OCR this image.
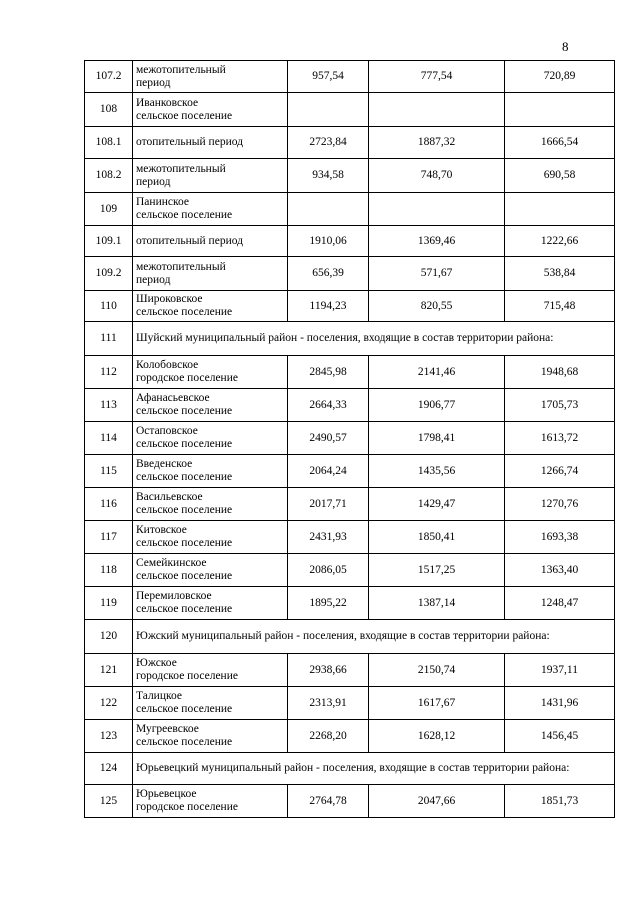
8
107.2	межотопительный
период	957,54	777,54	720,89
108	Иванковское
сельское поселение			
108.1	отопительный период	2723,84	1887,32	1666,54
108.2	межотопительный
период	934,58	748,70	690,58
109	Панинское
сельское поселение			
109.1	отопительный период	1910,06	1369,46	1222,66
109.2	межотопительный
период	656,39	571,67	538,84
110	Широковское
сельское поселение	1194,23	820,55	715,48
111	Шуйский муниципальный район - поселения, входящие в состав территории района:			
112	Колобовское
городское поселение	2845,98	2141,46	1948,68
113	Афанасьевское
сельское поселение	2664,33	1906,77	1705,73
114	Остаповское
сельское поселение	2490,57	1798,41	1613,72
115	Введенское
сельское поселение	2064,24	1435,56	1266,74
116	Васильевское
сельское поселение	2017,71	1429,47	1270,76
117	Китовское
сельское поселение	2431,93	1850,41	1693,38
118	Семейкинское
сельское поселение	2086,05	1517,25	1363,40
119	Перемиловское
сельское поселение	1895,22	1387,14	1248,47
120	Южский муниципальный район - поселения, входящие в состав территории района:			
121	Южское
городское поселение	2938,66	2150,74	1937,11
122	Талицкое
сельское поселение	2313,91	1617,67	1431,96
123	Мугреевское
сельское поселение	2268,20	1628,12	1456,45
124	Юрьевецкий муниципальный район - поселения, входящие в состав территории района:			
125	Юрьевецкое
городское поселение	2764,78	2047,66	1851,73
